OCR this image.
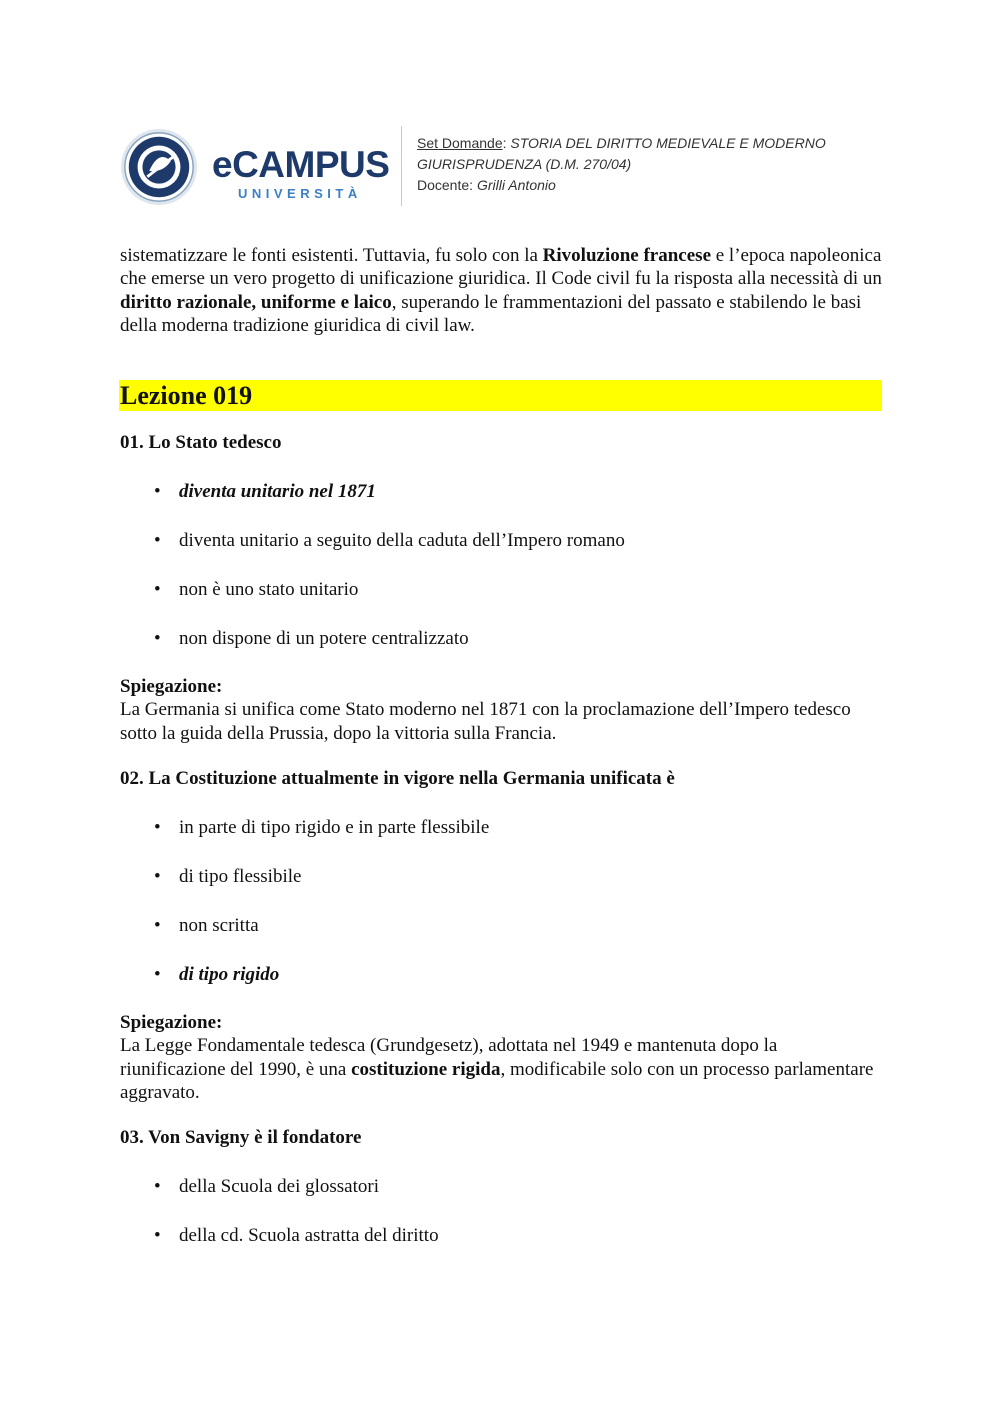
eCAMPUS
UNIVERSITÀ
Set Domande: STORIA DEL DIRITTO MEDIEVALE E MODERNO
GIURISPRUDENZA (D.M. 270/04)
Docente: Grilli Antonio

sistematizzare le fonti esistenti. Tuttavia, fu solo con la Rivoluzione francese e l’epoca napoleonica che emerse un vero progetto di unificazione giuridica. Il Code civil fu la risposta alla necessità di un diritto razionale, uniforme e laico, superando le frammentazioni del passato e stabilendo le basi della moderna tradizione giuridica di civil law.

Lezione 019
01. Lo Stato tedesco
• diventa unitario nel 1871
• diventa unitario a seguito della caduta dell’Impero romano
• non è uno stato unitario
• non dispone di un potere centralizzato
Spiegazione:
La Germania si unifica come Stato moderno nel 1871 con la proclamazione dell’Impero tedesco sotto la guida della Prussia, dopo la vittoria sulla Francia.
02. La Costituzione attualmente in vigore nella Germania unificata è
• in parte di tipo rigido e in parte flessibile
• di tipo flessibile
• non scritta
• di tipo rigido
Spiegazione:
La Legge Fondamentale tedesca (Grundgesetz), adottata nel 1949 e mantenuta dopo la riunificazione del 1990, è una costituzione rigida, modificabile solo con un processo parlamentare aggravato.
03. Von Savigny è il fondatore
• della Scuola dei glossatori
• della cd. Scuola astratta del diritto
